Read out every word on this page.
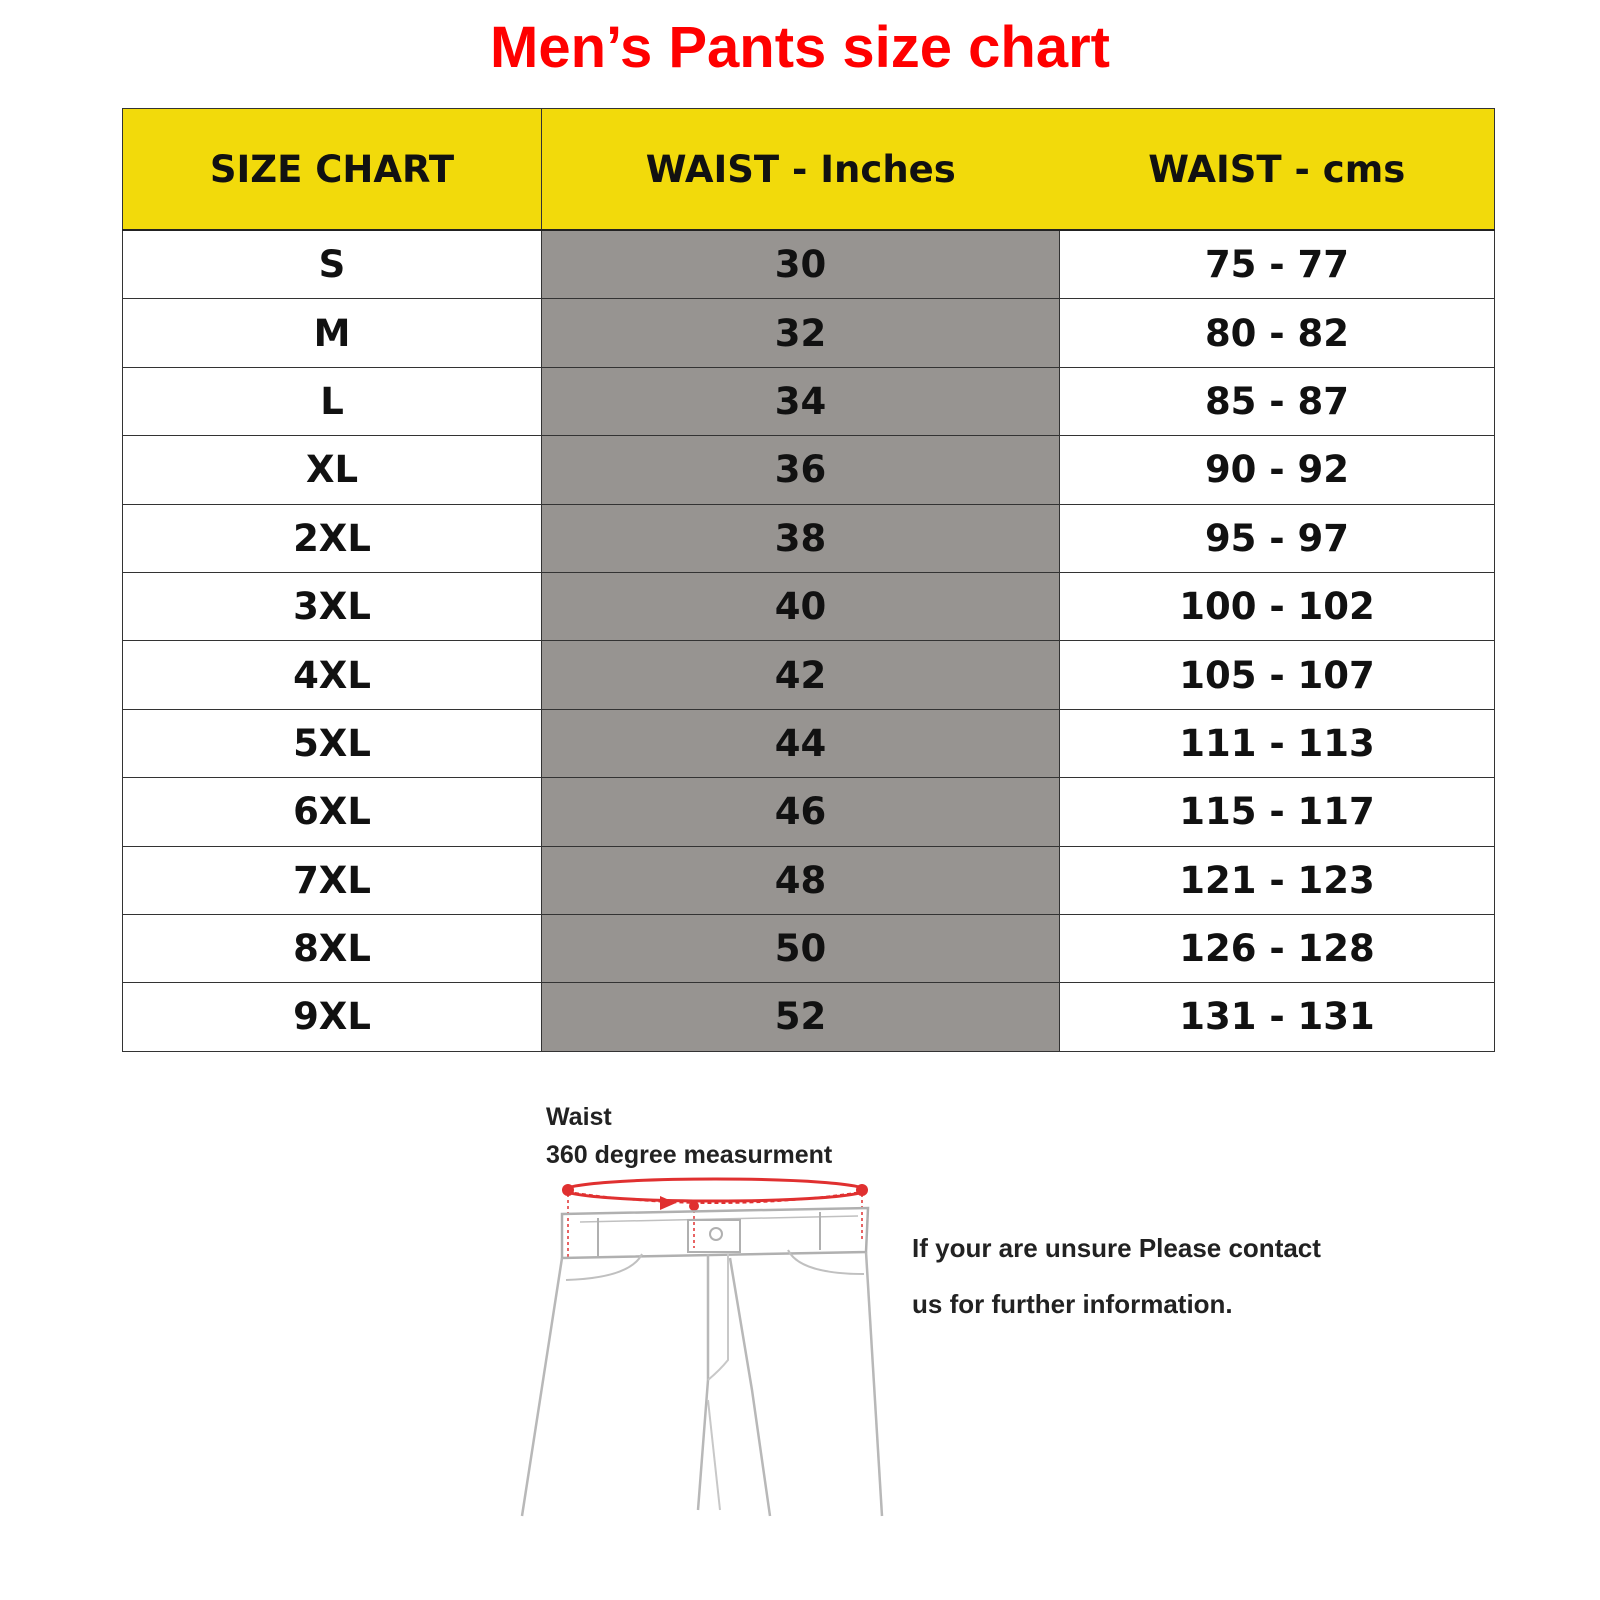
Men’s Pants size chart
SIZE CHART	WAIST - Inches	WAIST - cms
S	30	75 - 77
M	32	80 - 82
L	34	85 - 87
XL	36	90 - 92
2XL	38	95 - 97
3XL	40	100 - 102
4XL	42	105 - 107
5XL	44	111 - 113
6XL	46	115 - 117
7XL	48	121 - 123
8XL	50	126 - 128
9XL	52	131 - 131
Waist
360 degree measurment
If your are unsure Please contact
us for further information.
